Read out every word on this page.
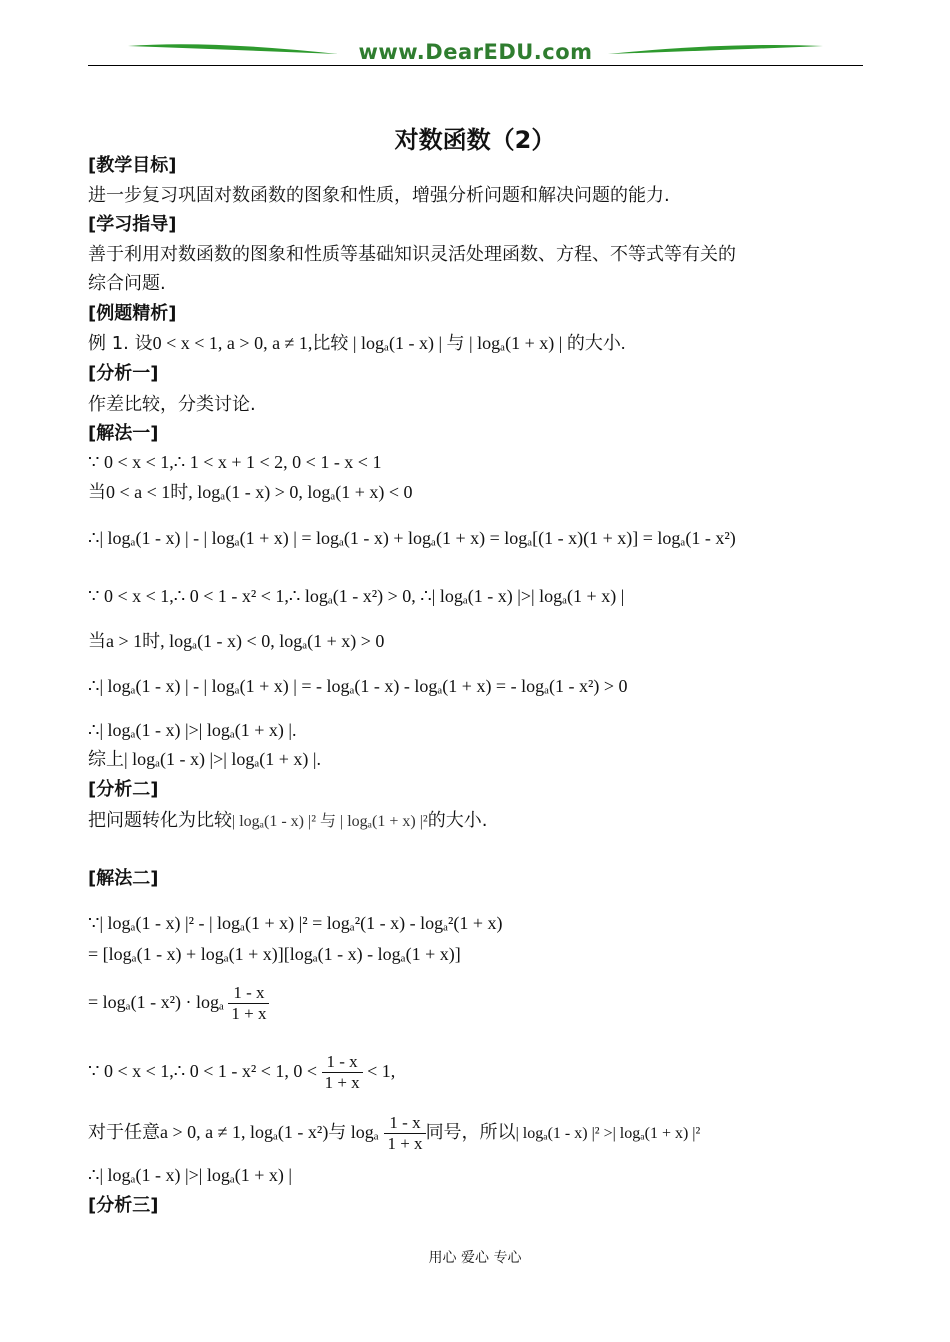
www.DearEDU.com
对数函数（2）
[教学目标]
进一步复习巩固对数函数的图象和性质，增强分析问题和解决问题的能力.
[学习指导]
善于利用对数函数的图象和性质等基础知识灵活处理函数、方程、不等式等有关的
综合问题.
[例题精析]
例 1. 设0 < x < 1, a > 0, a ≠ 1,比较 | logₐ(1 - x) | 与 | logₐ(1 + x) | 的大小.
[分析一]
作差比较，分类讨论.
[解法一]
∵ 0 < x < 1,∴ 1 < x + 1 < 2, 0 < 1 - x < 1
当0 < a < 1时, logₐ(1 - x) > 0, logₐ(1 + x) < 0
∴| logₐ(1 - x) | - | logₐ(1 + x) | = logₐ(1 - x) + logₐ(1 + x) = logₐ[(1 - x)(1 + x)] = logₐ(1 - x²)
∵ 0 < x < 1,∴ 0 < 1 - x² < 1,∴ logₐ(1 - x²) > 0, ∴| logₐ(1 - x) |>| logₐ(1 + x) |
当a > 1时, logₐ(1 - x) < 0, logₐ(1 + x) > 0
∴| logₐ(1 - x) | - | logₐ(1 + x) | = - logₐ(1 - x) - logₐ(1 + x) = - logₐ(1 - x²) > 0
∴| logₐ(1 - x) |>| logₐ(1 + x) |.
综上| logₐ(1 - x) |>| logₐ(1 + x) |.
[分析二]
把问题转化为比较| logₐ(1 - x) |² 与 | logₐ(1 + x) |²的大小.
[解法二]
∵| logₐ(1 - x) |² - | logₐ(1 + x) |² = logₐ²(1 - x) - logₐ²(1 + x)
= [logₐ(1 - x) + logₐ(1 + x)][logₐ(1 - x) - logₐ(1 + x)]
= logₐ(1 - x²) · logₐ $\frac{1 - x}{1 + x}$
∵ 0 < x < 1,∴ 0 < 1 - x² < 1, $0 < \frac{1 - x}{1 + x} < 1$,
对于任意a > 0, a ≠ 1, logₐ(1 - x²)与 logₐ $\frac{1 - x}{1 + x}$ 同号，所以| logₐ(1 - x) |² >| logₐ(1 + x) |²
∴| logₐ(1 - x) |>| logₐ(1 + x) |
[分析三]
用心 爱心 专心
